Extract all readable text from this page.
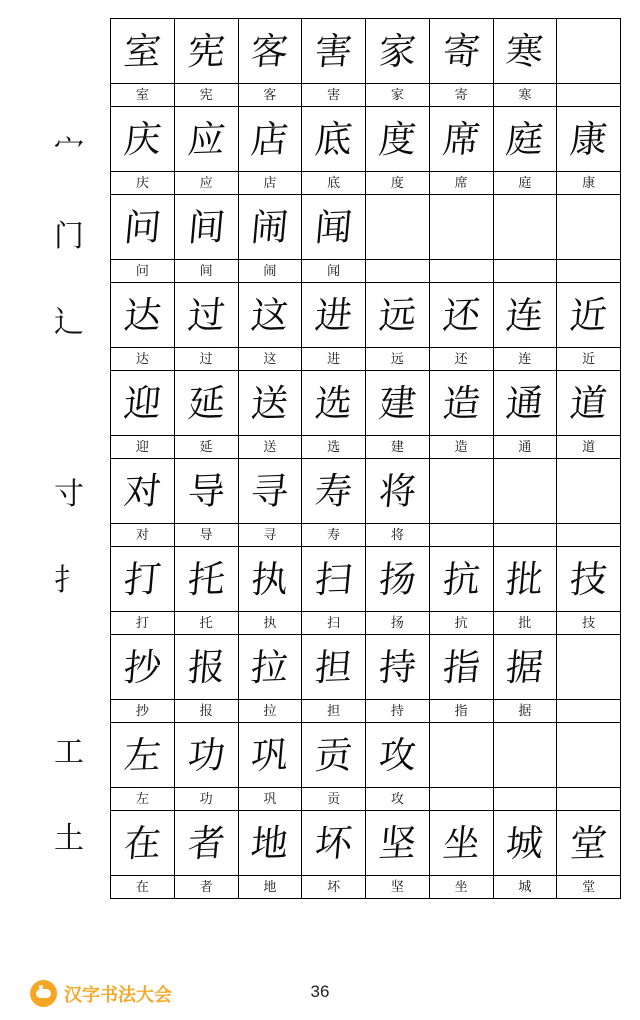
宀
门
辶
寸
扌
工
土
室	宪	客	害	家	寄	寒	
室	宪	客	害	家	寄	寒	
庆	应	店	底	度	席	庭	康
庆	应	店	底	度	席	庭	康
问	间	闹	闻				
问	间	闹	闻				
达	过	这	进	远	还	连	近
达	过	这	进	远	还	连	近
迎	延	送	选	建	造	通	道
迎	延	送	选	建	造	通	道
对	导	寻	寿	将			
对	导	寻	寿	将			
打	托	执	扫	扬	抗	批	技
打	托	执	扫	扬	抗	批	技
抄	报	拉	担	持	指	据	
抄	报	拉	担	持	指	据	
左	功	巩	贡	攻			
左	功	巩	贡	攻			
在	者	地	坏	坚	坐	城	堂
在	者	地	坏	坚	坐	城	堂
汉字书法大会	36
